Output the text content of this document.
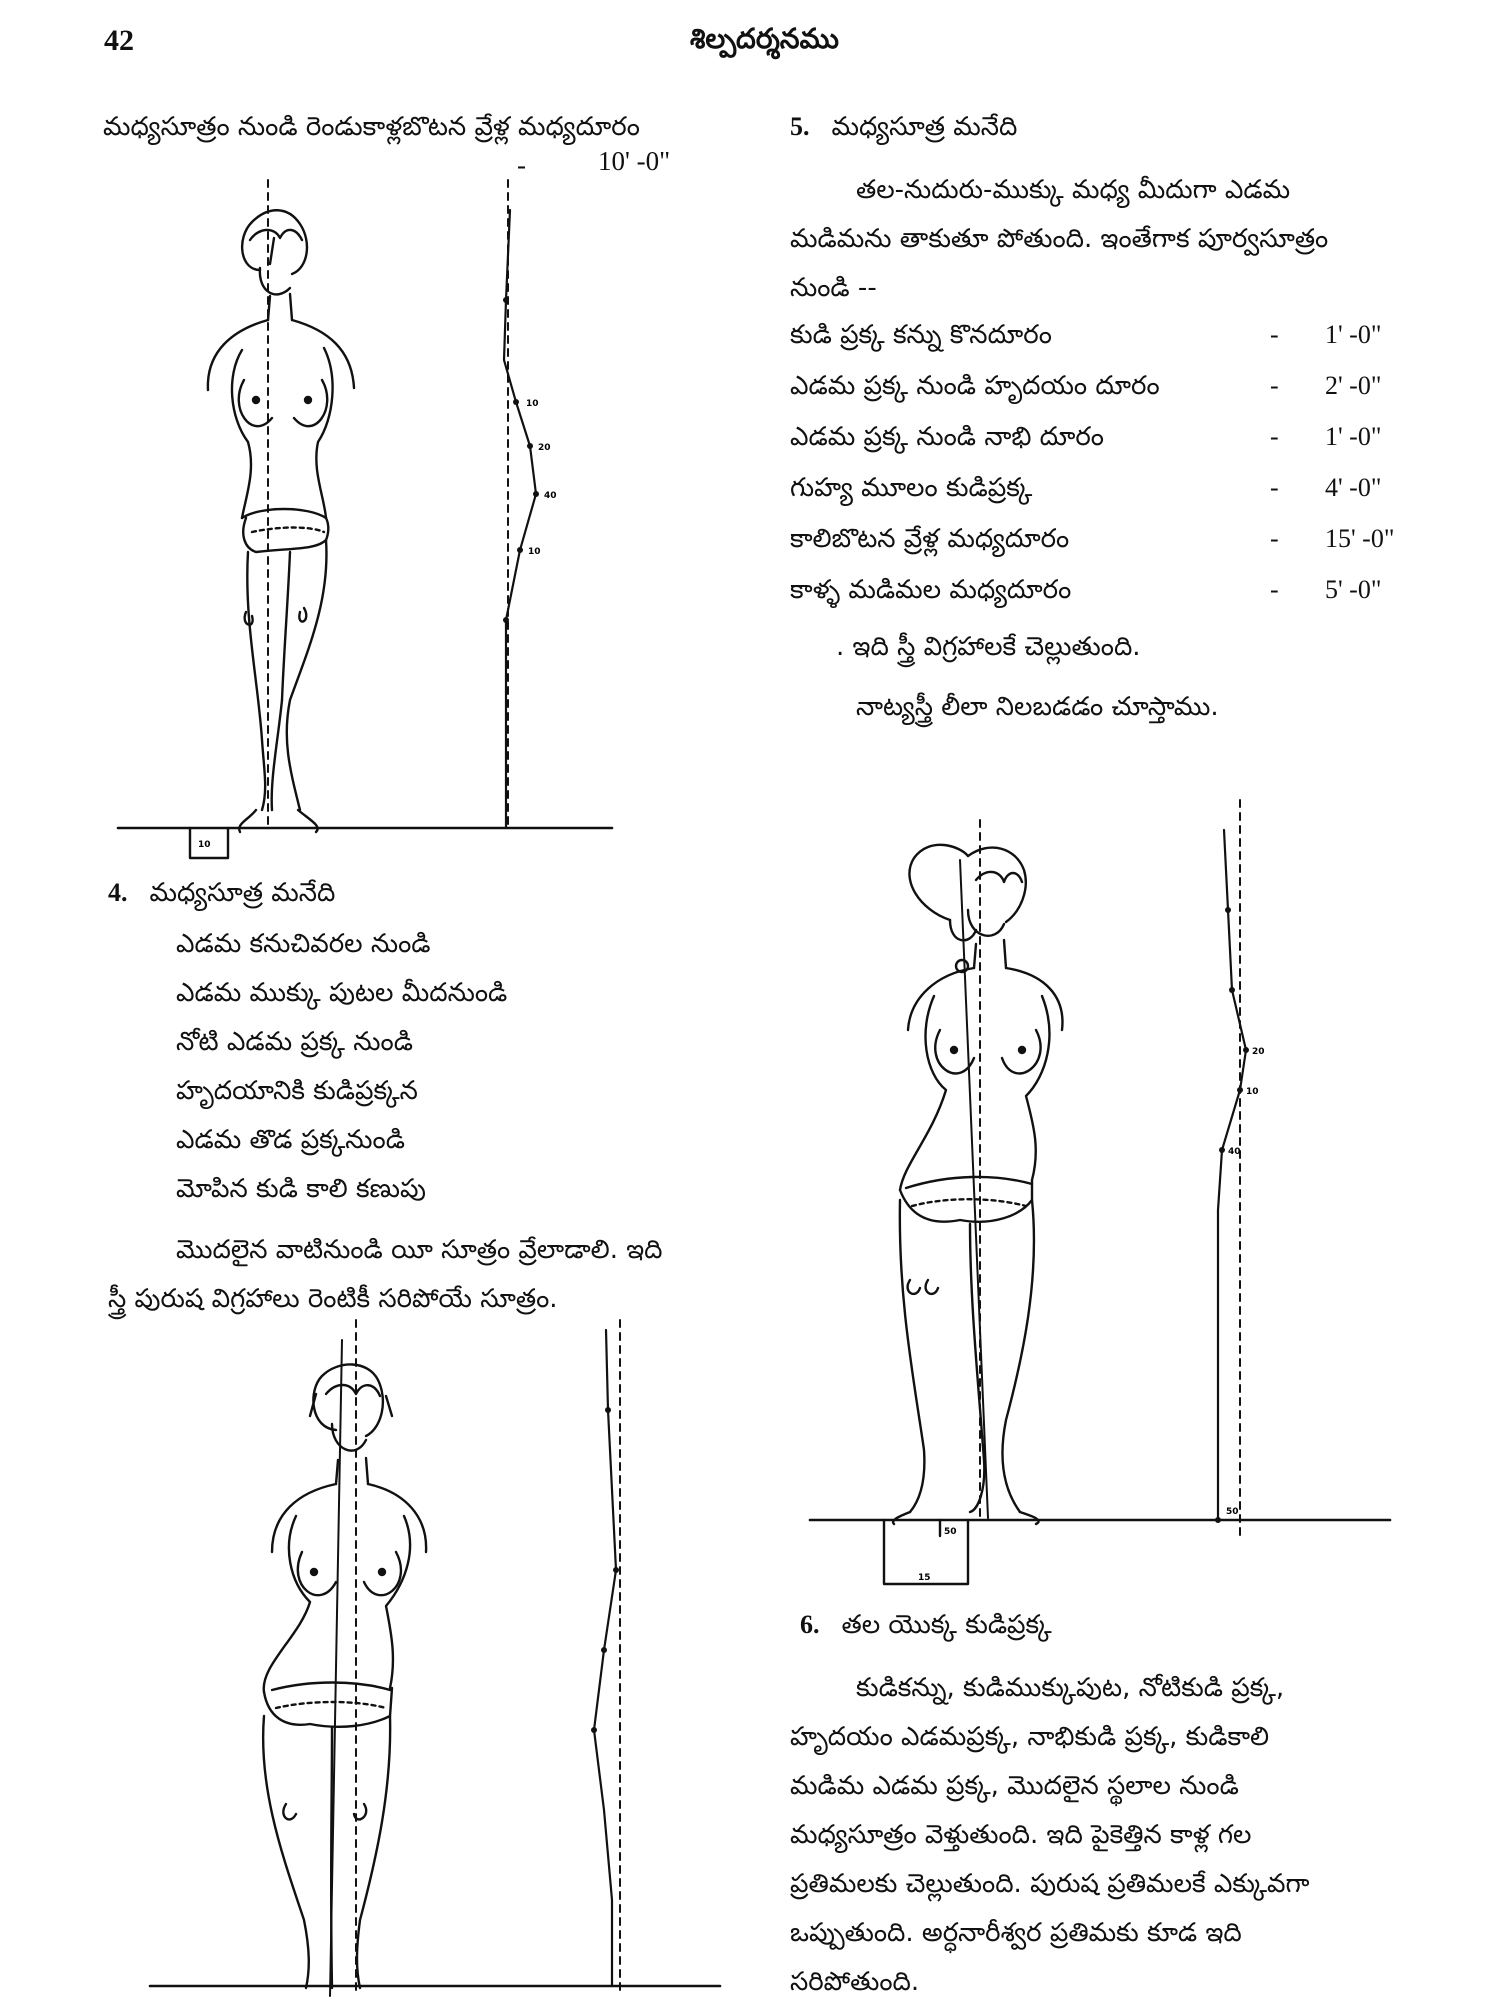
42	శిల్పదర్శనము
మధ్యసూత్రం నుండి రెండుకాళ్లబొటన వ్రేళ్ల మధ్యదూరం
-	10' -0"
10
20
40
10
10
4. మధ్యసూత్ర మనేది
ఎడమ కనుచివరల నుండి
ఎడమ ముక్కు పుటల మీదనుండి
నోటి ఎడమ ప్రక్క నుండి
హృదయానికి కుడిప్రక్కన
ఎడమ తొడ ప్రక్కనుండి
మోపిన కుడి కాలి కణుపు
మొదలైన వాటినుండి యీ సూత్రం వ్రేలాడాలి. ఇది
స్త్రీ పురుష విగ్రహాలు రెంటికీ సరిపోయే సూత్రం.
5. మధ్యసూత్ర మనేది
తల-నుదురు-ముక్కు మధ్య మీదుగా ఎడమ
మడిమను తాకుతూ పోతుంది. ఇంతేగాక పూర్వసూత్రం
నుండి --
కుడి ప్రక్క కన్ను కొనదూరం	- 1' -0"
ఎడమ ప్రక్క నుండి హృదయం దూరం	- 2' -0"
ఎడమ ప్రక్క నుండి నాభి దూరం	- 1' -0"
గుహ్య మూలం కుడిప్రక్క	- 4' -0"
కాలిబొటన వ్రేళ్ల మధ్యదూరం	- 15' -0"
కాళ్ళ మడిమల మధ్యదూరం	- 5' -0"
. ఇది స్త్రీ విగ్రహాలకే చెల్లుతుంది.
నాట్యస్త్రీ లీలా నిలబడడం చూస్తాము.
20
10
40
50
50
15
6. తల యొక్క కుడిప్రక్క
కుడికన్ను, కుడిముక్కుపుట, నోటికుడి ప్రక్క,
హృదయం ఎడమప్రక్క, నాభికుడి ప్రక్క, కుడికాలి
మడిమ ఎడమ ప్రక్క, మొదలైన స్థలాల నుండి
మధ్యసూత్రం వెళ్తుతుంది. ఇది పైకెత్తిన కాళ్ల గల
ప్రతిమలకు చెల్లుతుంది. పురుష ప్రతిమలకే ఎక్కువగా
ఒప్పుతుంది. అర్ధనారీశ్వర ప్రతిమకు కూడ ఇది
సరిపోతుంది.
